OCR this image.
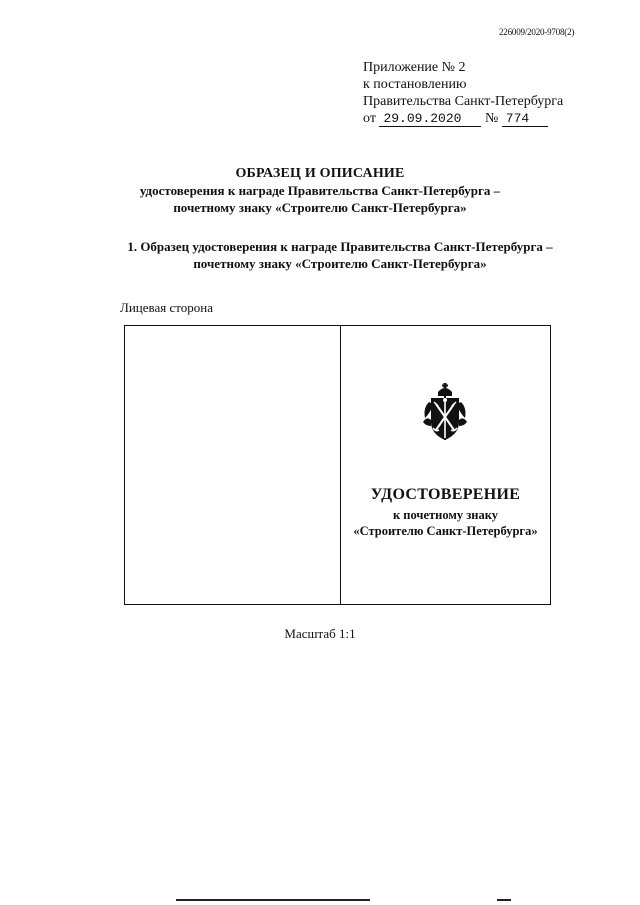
226009/2020-9708(2)
Приложение № 2
к постановлению
Правительства Санкт-Петербурга
от 29.09.2020 № 774
ОБРАЗЕЦ И ОПИСАНИЕ
удостоверения к награде Правительства Санкт-Петербурга –
почетному знаку «Строителю Санкт-Петербурга»
1. Образец удостоверения к награде Правительства Санкт-Петербурга –
почетному знаку «Строителю Санкт-Петербурга»
Лицевая сторона
УДОСТОВЕРЕНИЕ
к почетному знаку
«Строителю Санкт-Петербурга»
Масштаб 1:1
